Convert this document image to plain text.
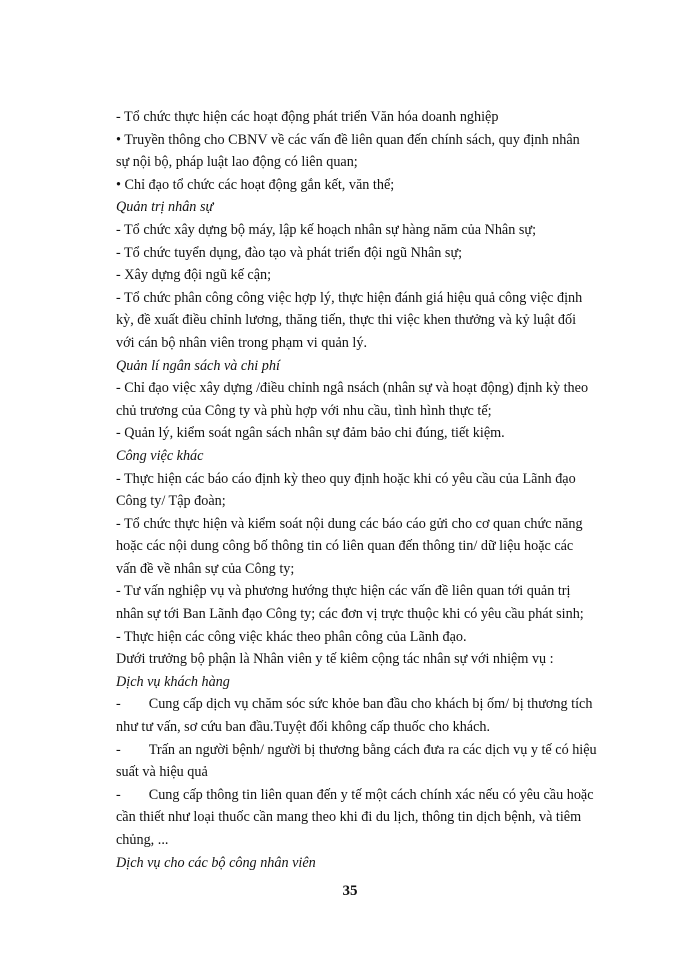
- Tổ chức thực hiện các hoạt động phát triển Văn hóa doanh nghiệp

• Truyền thông cho CBNV về các vấn đề liên quan đến chính sách, quy định nhân

sự nội bộ, pháp luật lao động có liên quan;

• Chỉ đạo tổ chức các hoạt động gắn kết, văn thể;

Quản trị nhân sự

- Tổ chức xây dựng bộ máy, lập kế hoạch nhân sự hàng năm của Nhân sự;

- Tổ chức tuyển dụng, đào tạo và phát triển đội ngũ Nhân sự;

- Xây dựng đội ngũ kế cận;

- Tổ chức phân công công việc hợp lý, thực hiện đánh giá hiệu quả công việc định

kỳ, đề xuất điều chỉnh lương, thăng tiến, thực thi việc khen thưởng và kỷ luật đối

với cán bộ nhân viên trong phạm vi quản lý.

Quản lí ngân sách và chi phí

- Chỉ đạo việc xây dựng /điều chỉnh ngâ nsách (nhân sự và hoạt động) định kỳ theo

chủ trương của Công ty và phù hợp với nhu cầu, tình hình thực tế;

- Quản lý, kiểm soát ngân sách nhân sự đảm bảo chi đúng, tiết kiệm.

Công việc khác

- Thực hiện các báo cáo định kỳ theo quy định hoặc khi có yêu cầu của Lãnh đạo

Công ty/ Tập đoàn;

- Tổ chức thực hiện và kiểm soát nội dung các báo cáo gửi cho cơ quan chức năng

hoặc các nội dung công bố thông tin có liên quan đến thông tin/ dữ liệu hoặc các

vấn đề về nhân sự của Công ty;

- Tư vấn nghiệp vụ và phương hướng thực hiện các vấn đề liên quan tới quản trị

nhân sự tới Ban Lãnh đạo Công ty; các đơn vị trực thuộc khi có yêu cầu phát sinh;

- Thực hiện các công việc khác theo phân công của Lãnh đạo.

Dưới trưởng bộ phận là Nhân viên y tế kiêm cộng tác nhân sự với nhiệm vụ :

Dịch vụ khách hàng

- Cung cấp dịch vụ chăm sóc sức khỏe ban đầu cho khách bị ốm/ bị thương tích

như tư vấn, sơ cứu ban đầu.Tuyệt đối không cấp thuốc cho khách.

- Trấn an người bệnh/ người bị thương bằng cách đưa ra các dịch vụ y tế có hiệu

suất và hiệu quả

- Cung cấp thông tin liên quan đến y tế một cách chính xác nếu có yêu cầu hoặc

cần thiết như loại thuốc cần mang theo khi đi du lịch, thông tin dịch bệnh, và tiêm

chủng, ...

Dịch vụ cho các bộ công nhân viên

35
